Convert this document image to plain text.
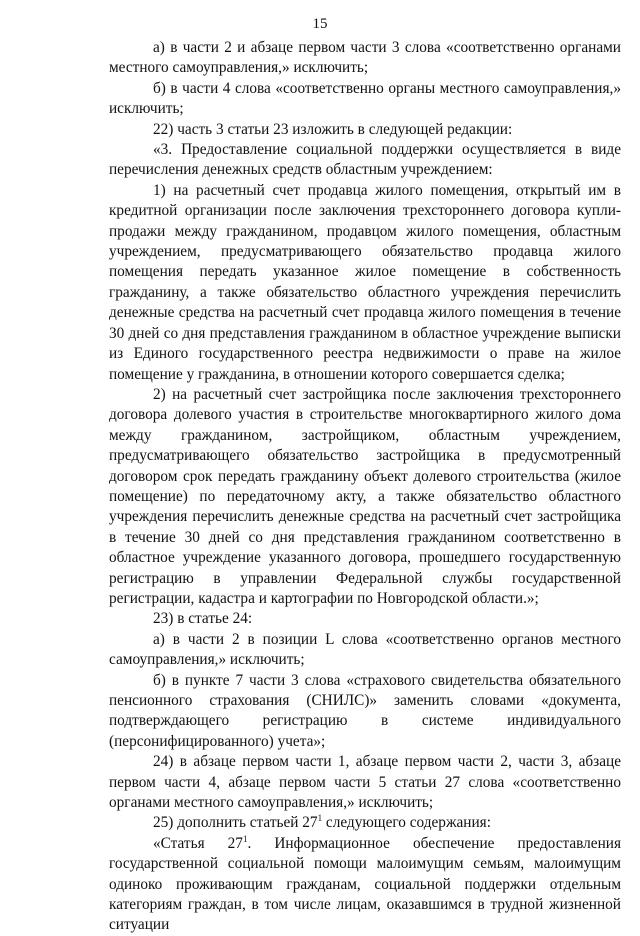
15

а) в части 2 и абзаце первом части 3 слова «соответственно органами местного самоуправления,» исключить;

б) в части 4 слова «соответственно органы местного самоуправления,» исключить;

22) часть 3 статьи 23 изложить в следующей редакции:

«3. Предоставление социальной поддержки осуществляется в виде перечисления денежных средств областным учреждением:

1) на расчетный счет продавца жилого помещения, открытый им в кредитной организации после заключения трехстороннего договора купли-продажи между гражданином, продавцом жилого помещения, областным учреждением, предусматривающего обязательство продавца жилого помещения передать указанное жилое помещение в собственность гражданину, а также обязательство областного учреждения перечислить денежные средства на расчетный счет продавца жилого помещения в течение 30 дней со дня представления гражданином в областное учреждение выписки из Единого государственного реестра недвижимости о праве на жилое помещение у гражданина, в отношении которого совершается сделка;

2) на расчетный счет застройщика после заключения трехстороннего договора долевого участия в строительстве многоквартирного жилого дома между гражданином, застройщиком, областным учреждением, предусматривающего обязательство застройщика в предусмотренный договором срок передать гражданину объект долевого строительства (жилое помещение) по передаточному акту, а также обязательство областного учреждения перечислить денежные средства на расчетный счет застройщика в течение 30 дней со дня представления гражданином соответственно в областное учреждение указанного договора, прошедшего государственную регистрацию в управлении Федеральной службы государственной регистрации, кадастра и картографии по Новгородской области.»;

23) в статье 24:

а) в части 2 в позиции L слова «соответственно органов местного самоуправления,» исключить;

б) в пункте 7 части 3 слова «страхового свидетельства обязательного пенсионного страхования (СНИЛС)» заменить словами «документа, подтверждающего регистрацию в системе индивидуального (персонифицированного) учета»;

24) в абзаце первом части 1, абзаце первом части 2, части 3, абзаце первом части 4, абзаце первом части 5 статьи 27 слова «соответственно органами местного самоуправления,» исключить;

25) дополнить статьей $27^1$ следующего содержания:

«Статья $27^1$. Информационное обеспечение предоставления государственной социальной помощи малоимущим семьям, малоимущим одиноко проживающим гражданам, социальной поддержки отдельным категориям граждан, в том числе лицам, оказавшимся в трудной жизненной ситуации
